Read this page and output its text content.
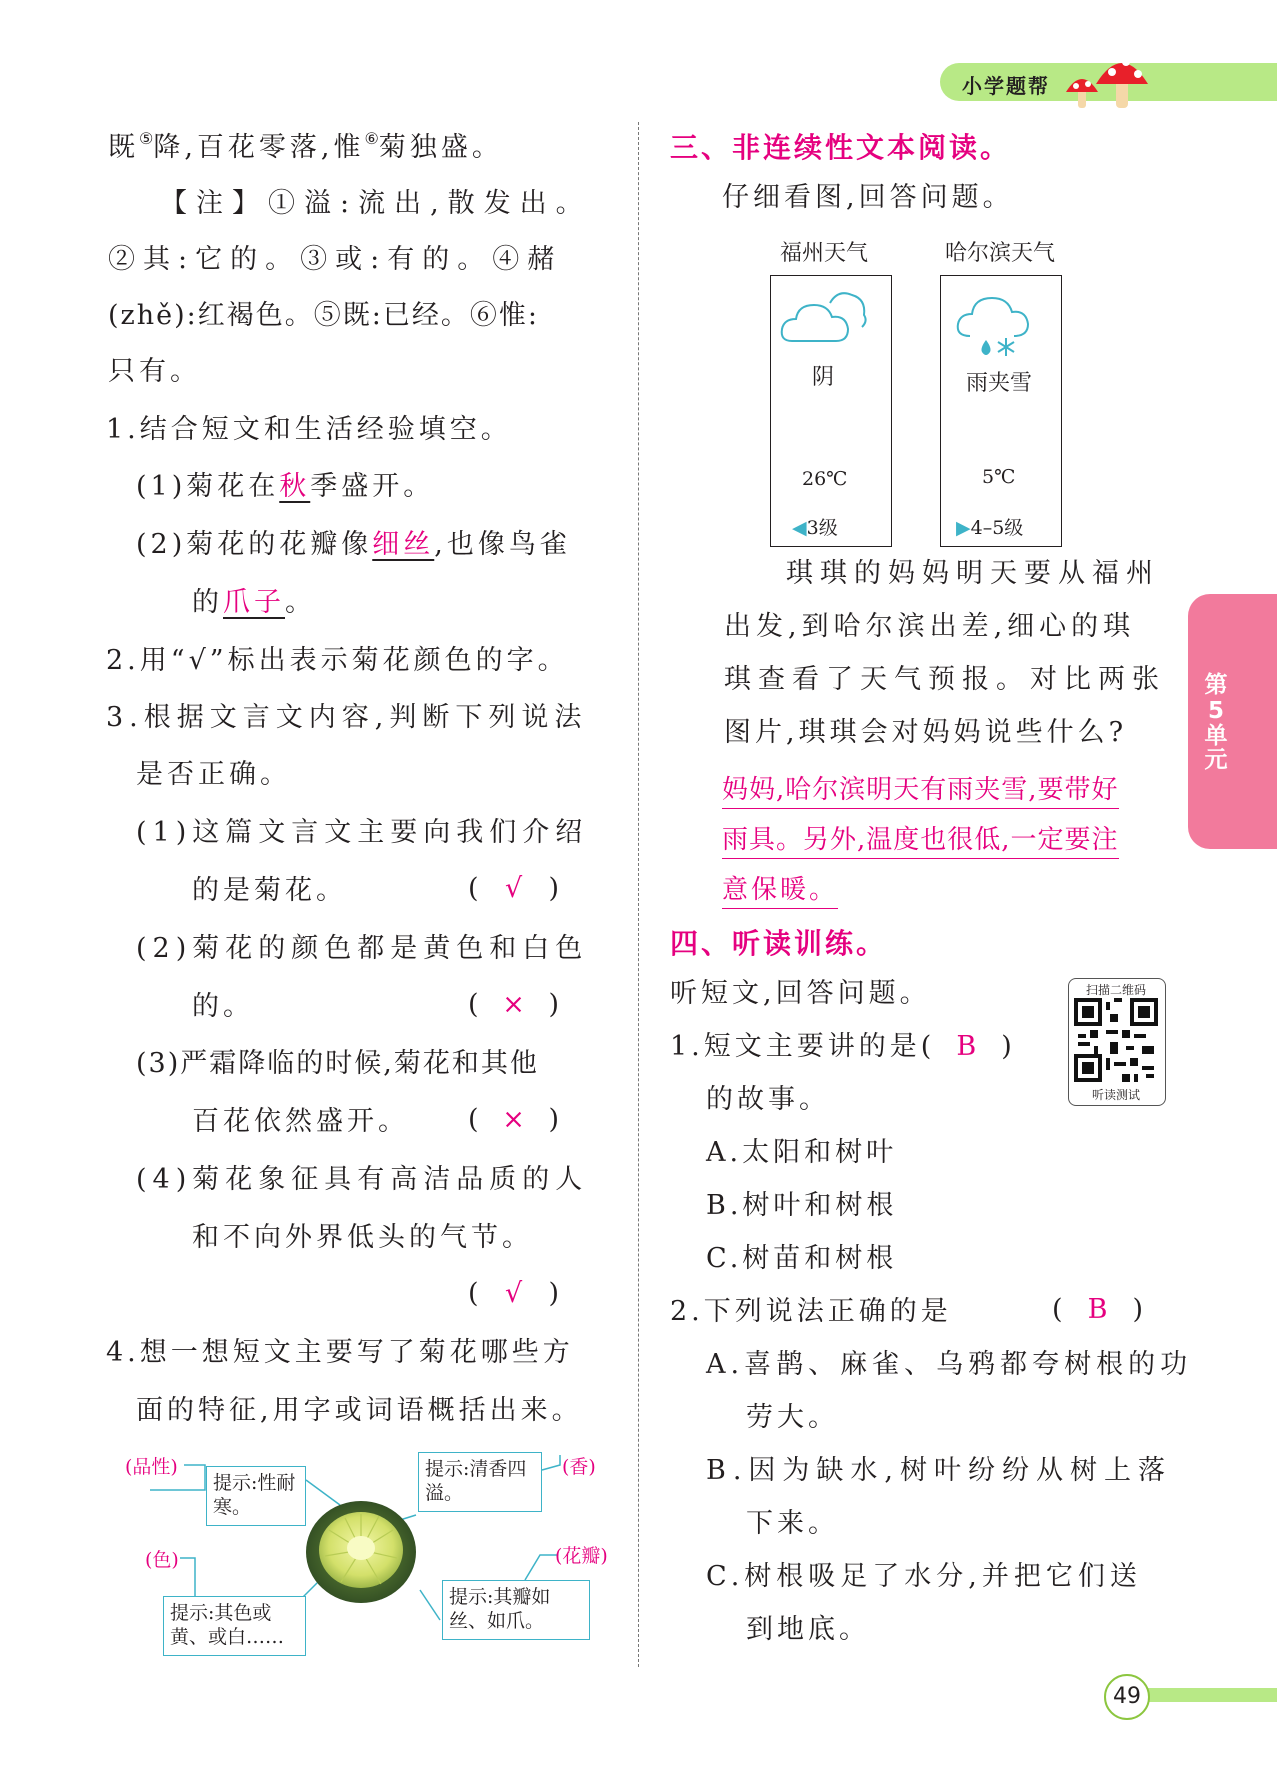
小学题帮
第
5
单元
既⑤降,百花零落,惟⑥菊独盛。
【注】①溢:流出,散发出。
②其:它的。③或:有的。④赭
(zhě):红褐色。⑤既:已经。⑥惟:
只有。
1.结合短文和生活经验填空。
(1)菊花在秋季盛开。
(2)菊花的花瓣像细丝,也像鸟雀
的爪子。
2.用“√”标出表示菊花颜色的字。
3.根据文言文内容,判断下列说法
是否正确。
(1)这篇文言文主要向我们介绍
的是菊花。	( √ )
(2)菊花的颜色都是黄色和白色
的。	( × )
(3)严霜降临的时候,菊花和其他
百花依然盛开。 ( × )
(4)菊花象征具有高洁品质的人
和不向外界低头的气节。
( √ )
4.想一想短文主要写了菊花哪些方
面的特征,用字或词语概括出来。
(品性)
提示:性耐寒。
(香)
提示:清香四溢。
(色)
提示:其色或黄、或白……
(花瓣)
提示:其瓣如丝、如爪。
三、非连续性文本阅读。
仔细看图,回答问题。
福州天气
阴
26℃
◀3级
哈尔滨天气
雨夹雪
5℃
▶4–5级
琪琪的妈妈明天要从福州
出发,到哈尔滨出差,细心的琪
琪查看了天气预报。对比两张
图片,琪琪会对妈妈说些什么?
妈妈,哈尔滨明天有雨夹雪,要带好
雨具。另外,温度也很低,一定要注
意保暖。
四、听读训练。
听短文,回答问题。	扫描二维码
听读测试
1.短文主要讲的是( B )
的故事。
A.太阳和树叶
B.树叶和树根
C.树苗和树根
2.下列说法正确的是	( B )
A.喜鹊、麻雀、乌鸦都夸树根的功
劳大。
B.因为缺水,树叶纷纷从树上落
下来。
C.树根吸足了水分,并把它们送
到地底。
49
